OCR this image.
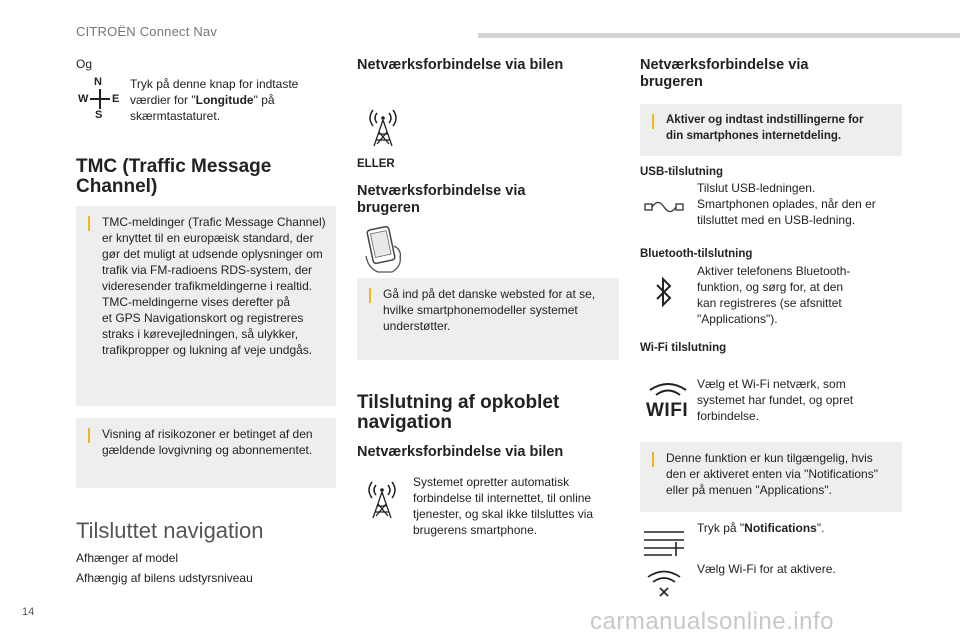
CITROËN Connect Nav
Og
N
W E
S
Tryk på denne knap for indtaste
værdier for "Longitude" på
skærmtastaturet.
TMC (Traffic Message
Channel)
TMC-meldinger (Trafic Message Channel)
er knyttet til en europæisk standard, der
gør det muligt at udsende oplysninger om
trafik via FM-radioens RDS-system, der
videresender trafikmeldingerne i realtid.
TMC-meldingerne vises derefter på
et GPS Navigationskort og registreres
straks i kørevejledningen, så ulykker,
trafikpropper og lukning af veje undgås.
Visning af risikozoner er betinget af den
gældende lovgivning og abonnementet.
Tilsluttet navigation
Afhænger af model
Afhængig af bilens udstyrsniveau
Netværksforbindelse via bilen
ELLER
Netværksforbindelse via
brugeren
Gå ind på det danske websted for at se,
hvilke smartphonemodeller systemet
understøtter.
Tilslutning af opkoblet
navigation
Netværksforbindelse via bilen
Systemet opretter automatisk
forbindelse til internettet, til online
tjenester, og skal ikke tilsluttes via
brugerens smartphone.
Netværksforbindelse via
brugeren
Aktiver og indtast indstillingerne for
din smartphones internetdeling.
USB-tilslutning
Tilslut USB-ledningen.
Smartphonen oplades, når den er
tilsluttet med en USB-ledning.
Bluetooth-tilslutning
Aktiver telefonens Bluetooth-
funktion, og sørg for, at den
kan registreres (se afsnittet
"Applications").
Wi-Fi tilslutning
WIFI
Vælg et Wi-Fi netværk, som
systemet har fundet, og opret
forbindelse.
Denne funktion er kun tilgængelig, hvis
den er aktiveret enten via "Notifications"
eller på menuen "Applications".
Tryk på "Notifications".
Vælg Wi-Fi for at aktivere.
14	carmanualsonline.info
